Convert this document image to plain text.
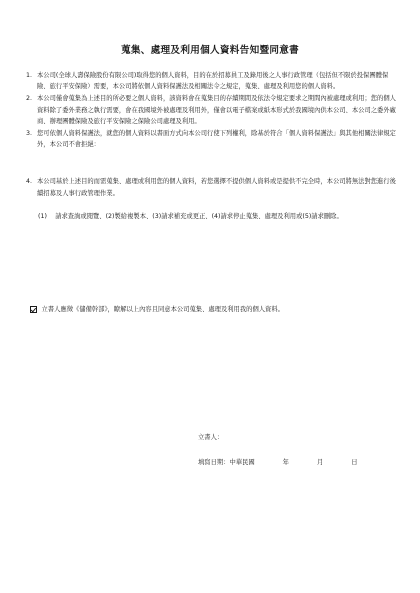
蒐集、處理及利用個人資料告知暨同意書
1. 本公司(全球人壽保險股份有限公司)取得您的個人資料，目的在於招募員工及錄用後之人事行政管理（包括但不限於投保團體保險、旅行平安保險）需要，本公司將依個人資料保護法及相關法令之規定，蒐集、處理及利用您的個人資料。
2. 本公司僅會蒐集為上述目的所必要之個人資料，該資料會在蒐集目的存續期間及依法令規定要求之期間內被處理或利用；您的個人資料除了委外業務之執行需要，會在我國境外被處理及利用外，僅會以電子檔案或紙本形式於我國境內供本公司、本公司之委外廠商、辦理團體保險及旅行平安保險之保險公司處理及利用。
3. 您可依個人資料保護法，就您的個人資料以書面方式向本公司行使下列權利，除基於符合「個人資料保護法」與其他相關法律規定外，本公司不會拒絕：
4. 本公司基於上述目的而需蒐集、處理或利用您的個人資料，若您選擇不提供個人資料或是提供不完全時，本公司將無法對您進行後續招募及人事行政管理作業。
(1)　 請求查詢或閱覽、(2)製給複製本、(3)請求補充或更正、(4)請求停止蒐集、處理及利用或(5)請求刪除。
立書人應徵《儲備幹部》，瞭解以上內容且同意本公司蒐集、處理及利用我的個人資料。
立書人：
填寫日期：中華民國	年	月	日
